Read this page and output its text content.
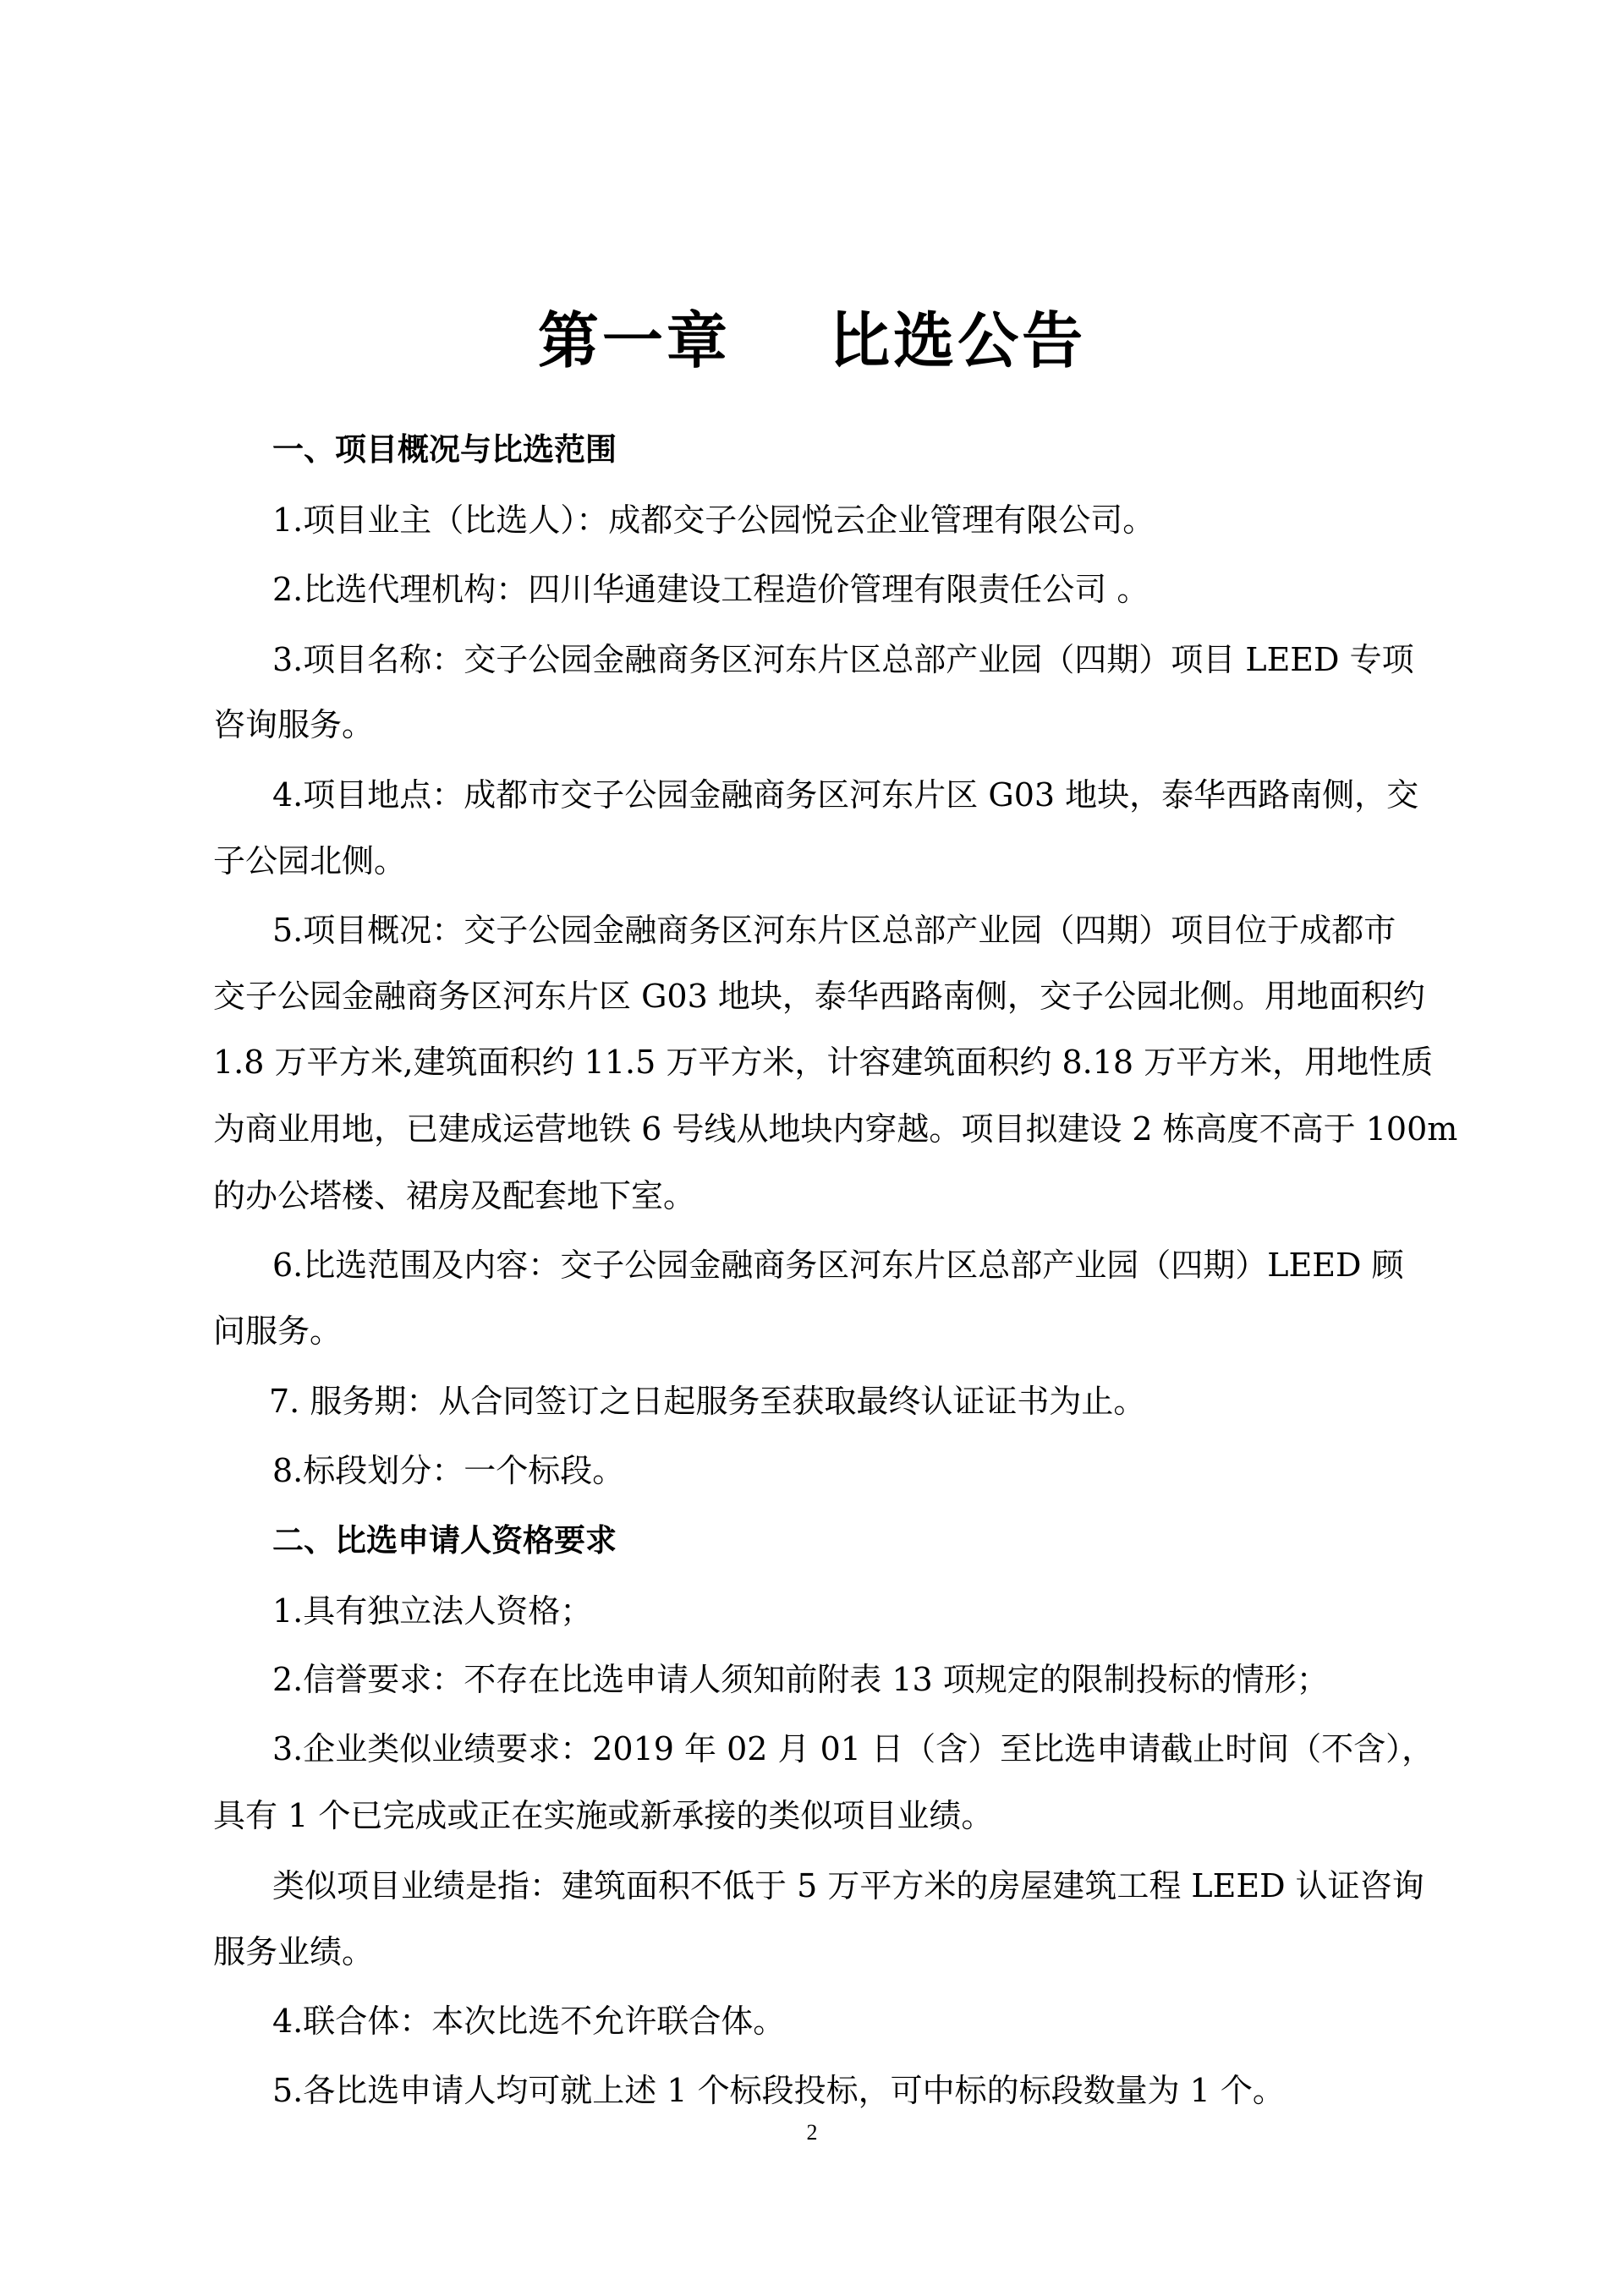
第一章    比选公告
一、项目概况与比选范围
1.项目业主（比选人）：成都交子公园悦云企业管理有限公司。
2.比选代理机构：四川华通建设工程造价管理有限责任公司 。
3.项目名称：交子公园金融商务区河东片区总部产业园（四期）项目 LEED 专项
咨询服务。
4.项目地点：成都市交子公园金融商务区河东片区 G03 地块，泰华西路南侧，交
子公园北侧。
5.项目概况：交子公园金融商务区河东片区总部产业园（四期）项目位于成都市
交子公园金融商务区河东片区 G03 地块，泰华西路南侧，交子公园北侧。用地面积约
1.8 万平方米,建筑面积约 11.5 万平方米，计容建筑面积约 8.18 万平方米，用地性质
为商业用地，已建成运营地铁 6 号线从地块内穿越。项目拟建设 2 栋高度不高于 100m
的办公塔楼、裙房及配套地下室。
6.比选范围及内容：交子公园金融商务区河东片区总部产业园（四期）LEED 顾
问服务。
7. 服务期：从合同签订之日起服务至获取最终认证证书为止。
8.标段划分：一个标段。
二、比选申请人资格要求
1.具有独立法人资格；
2.信誉要求：不存在比选申请人须知前附表 13 项规定的限制投标的情形；
3.企业类似业绩要求：2019 年 02 月 01 日（含）至比选申请截止时间（不含），
具有 1 个已完成或正在实施或新承接的类似项目业绩。
类似项目业绩是指：建筑面积不低于 5 万平方米的房屋建筑工程 LEED 认证咨询
服务业绩。
4.联合体：本次比选不允许联合体。
5.各比选申请人均可就上述 1 个标段投标，可中标的标段数量为 1 个。
2
